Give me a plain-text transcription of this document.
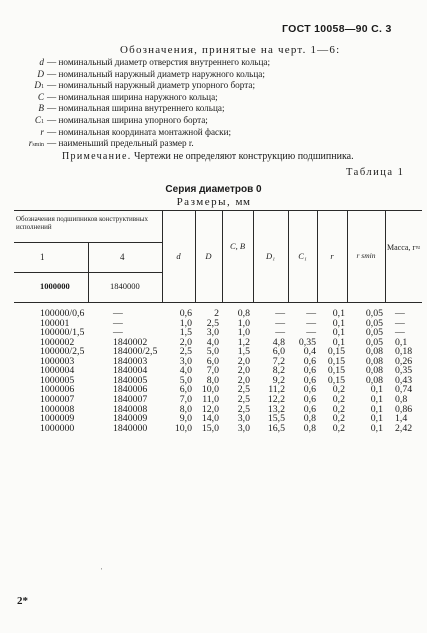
ГОСТ 10058—90 С. 3
Обозначения, принятые на черт. 1—6:
d — номинальный диаметр отверстия внутреннего кольца;
D — номинальный наружный диаметр наружного кольца;
D1 — номинальный наружный диаметр упорного борта;
C — номинальная ширина наружного кольца;
B — номинальная ширина внутреннего кольца;
C1 — номинальная ширина упорного борта;
r — номинальная координата монтажной фаски;
rsmin — наименьший предельный размер r.
Примечание. Чертежи не определяют конструкцию подшипника.
Таблица 1
Серия диаметров 0
Размеры, мм
Обозначения подшипников конструктивных исполнений
1	4
1000000	1840000
d	D
C, B
D₁	C₁	r	r smin
Масса, г≈
100000/0,6	—	0,6	2	0,8	—	—	0,1	0,05 —
100001	—	1,0	2,5	1,0	—	—	0,1	0,05 —
100000/1,5	—	1,5	3,0	1,0	—	—	0,1	0,05 —
1000002	1840002	2,0	4,0	1,2	4,8	0,35	0,1	0,05 0,1
100000/2,5	184000/2,5	2,5	5,0	1,5	6,0	0,4	0,15	0,08 0,18
1000003	1840003	3,0	6,0	2,0	7,2	0,6	0,15	0,08 0,26
1000004	1840004	4,0	7,0	2,0	8,2	0,6	0,15	0,08 0,35
1000005	1840005	5,0	8,0	2,0	9,2	0,6	0,15	0,08 0,43
1000006	1840006	6,0	10,0	2,5	11,2	0,6	0,2	0,1 0,74
1000007	1840007	7,0	11,0	2,5	12,2	0,6	0,2	0,1 0,8
1000008	1840008	8,0	12,0	2,5	13,2	0,6	0,2	0,1 0,86
1000009	1840009	9,0	14,0	3,0	15,5	0,8	0,2	0,1 1,4
1000000	1840000	10,0	15,0	3,0	16,5	0,8	0,2	0,1 2,42
ˈ
2*
